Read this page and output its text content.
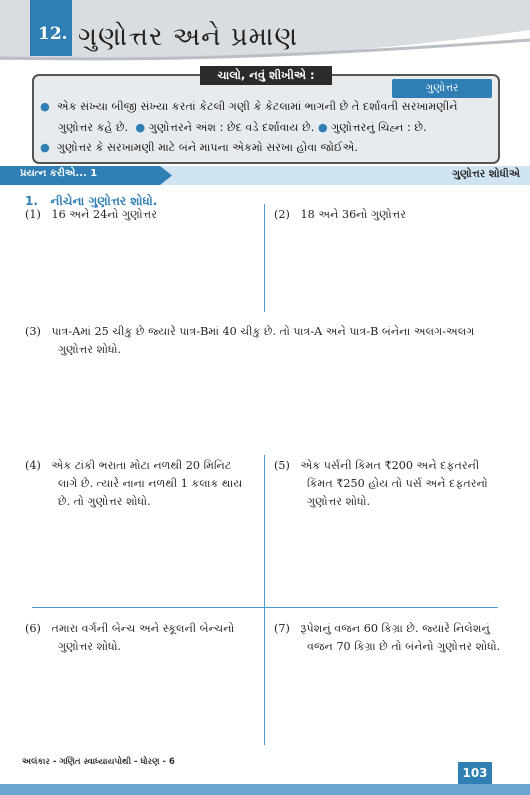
12. ગુણોત્તર અને પ્રમાણ
ચાલો, નવું શીખીએ :
ગુણોત્તર
● એક સંખ્યા બીજી સંખ્યા કરતાં કેટલી ગણી કે કેટલામાં ભાગની છે તે દર્શાવતી સરખામણીને
ગુણોત્તર કહે છે. ● ગુણોત્તરને અંશ : છેદ વડે દર્શાવાય છે. ● ગુણોત્તરનું ચિહ્ન : છે.
● ગુણોત્તર કે સરખામણી માટે બંને માપના એકમો સરખા હોવા જોઈએ.
પ્રયત્ન કરીએ... 1	ગુણોત્તર શોધીએ
1. નીચેના ગુણોત્તર શોધો.
(1) 16 અને 24નો ગુણોત્તર	(2) 18 અને 36નો ગુણોત્તર
(3) પાત્ર-Aમાં 25 ચીકુ છે જ્યારે પાત્ર-Bમાં 40 ચીકુ છે. તો પાત્ર-A અને પાત્ર-B બંનેના અલગ-અલગ
ગુણોત્તર શોધો.
(4) એક ટાંકી ભરાતા મોટા નળથી 20 મિનિટ
લાગે છે. ત્યારે નાના નળથી 1 કલાક થાય
છે. તો ગુણોત્તર શોધો.
(5) એક પર્સની કિંમત ₹200 અને દફતરની
કિંમત ₹250 હોય તો પર્સ અને દફતરનો
ગુણોત્તર શોધો.
(6) તમારા વર્ગની બેન્ચ અને સ્કૂલની બેન્ચનો
ગુણોત્તર શોધો.
(7) રૂપેશનું વજન 60 કિગ્રા છે. જ્યારે નિલેશનું
વજન 70 કિગ્રા છે તો બંનેનો ગુણોત્તર શોધો.
અલંકાર - ગણિત સ્વાધ્યાયપોથી - ધોરણ - 6
103
